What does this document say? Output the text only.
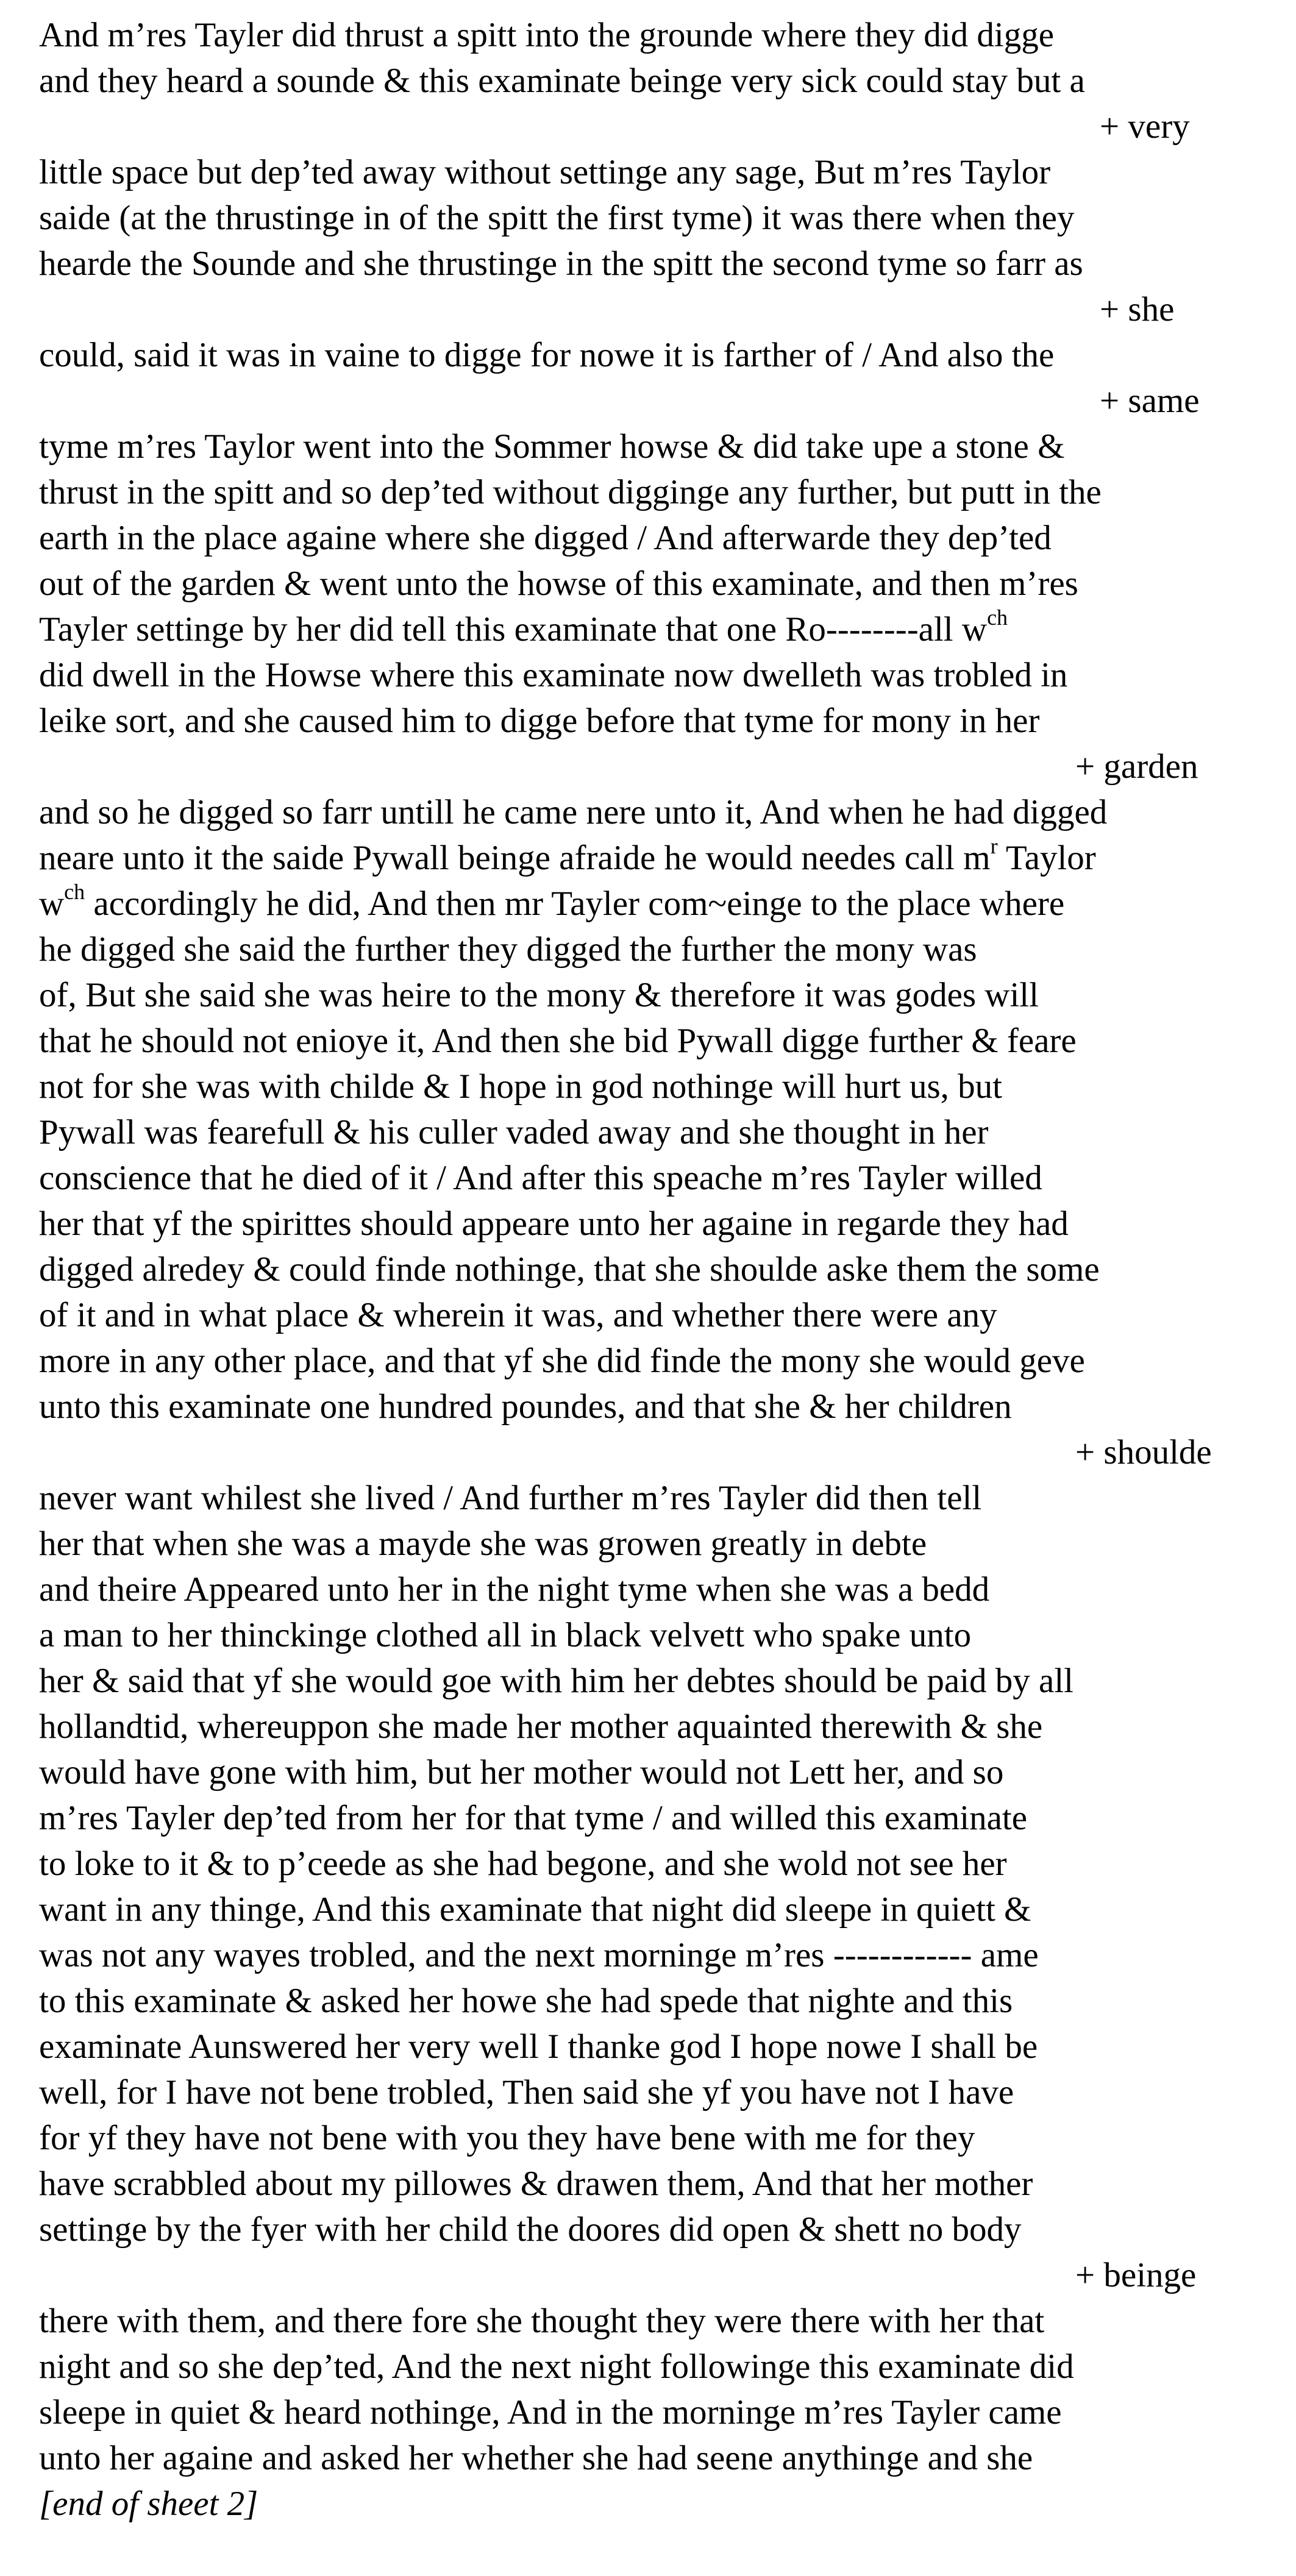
And m’res Tayler did thrust a spitt into the grounde where they did digge
and they heard a sounde & this examinate beinge very sick could stay but a
+ very
little space but dep’ted away without settinge any sage, But m’res Taylor
saide (at the thrustinge in of the spitt the first tyme) it was there when they
hearde the Sounde and she thrustinge in the spitt the second tyme so farr as
+ she
could, said it was in vaine to digge for nowe it is farther of / And also the
+ same
tyme m’res Taylor went into the Sommer howse & did take upe a stone &
thrust in the spitt and so dep’ted without digginge any further, but putt in the
earth in the place againe where she digged / And afterwarde they dep’ted
out of the garden & went unto the howse of this examinate, and then m’res
Tayler settinge by her did tell this examinate that one Ro--------all $w^{ch}$
did dwell in the Howse where this examinate now dwelleth was trobled in
leike sort, and she caused him to digge before that tyme for mony in her
+ garden
and so he digged so farr untill he came nere unto it, And when he had digged
neare unto it the saide Pywall beinge afraide he would needes call $m^r$ Taylor
$w^{ch}$ accordingly he did, And then mr Tayler com~einge to the place where
he digged she said the further they digged the further the mony was
of, But she said she was heire to the mony & therefore it was godes will
that he should not enioye it, And then she bid Pywall digge further & feare
not for she was with childe & I hope in god nothinge will hurt us, but
Pywall was fearefull & his culler vaded away and she thought in her
conscience that he died of it / And after this speache m’res Tayler willed
her that yf the spirittes should appeare unto her againe in regarde they had
digged alredey & could finde nothinge, that she shoulde aske them the some
of it and in what place & wherein it was, and whether there were any
more in any other place, and that yf she did finde the mony she would geve
unto this examinate one hundred poundes, and that she & her children
+ shoulde
never want whilest she lived / And further m’res Tayler did then tell
her that when she was a mayde she was growen greatly in debte
and theire Appeared unto her in the night tyme when she was a bedd
a man to her thinckinge clothed all in black velvett who spake unto
her & said that yf she would goe with him her debtes should be paid by all
hollandtid, whereuppon she made her mother aquainted therewith & she
would have gone with him, but her mother would not Lett her, and so
m’res Tayler dep’ted from her for that tyme / and willed this examinate
to loke to it & to p’ceede as she had begone, and she wold not see her
want in any thinge, And this examinate that night did sleepe in quiett &
was not any wayes trobled, and the next morninge m’res ------------ ame
to this examinate & asked her howe she had spede that nighte and this
examinate Aunswered her very well I thanke god I hope nowe I shall be
well, for I have not bene trobled, Then said she yf you have not I have
for yf they have not bene with you they have bene with me for they
have scrabbled about my pillowes & drawen them, And that her mother
settinge by the fyer with her child the doores did open & shett no body
+ beinge
there with them, and there fore she thought they were there with her that
night and so she dep’ted, And the next night followinge this examinate did
sleepe in quiet & heard nothinge, And in the morninge m’res Tayler came
unto her againe and asked her whether she had seene anythinge and she
[end of sheet 2]
